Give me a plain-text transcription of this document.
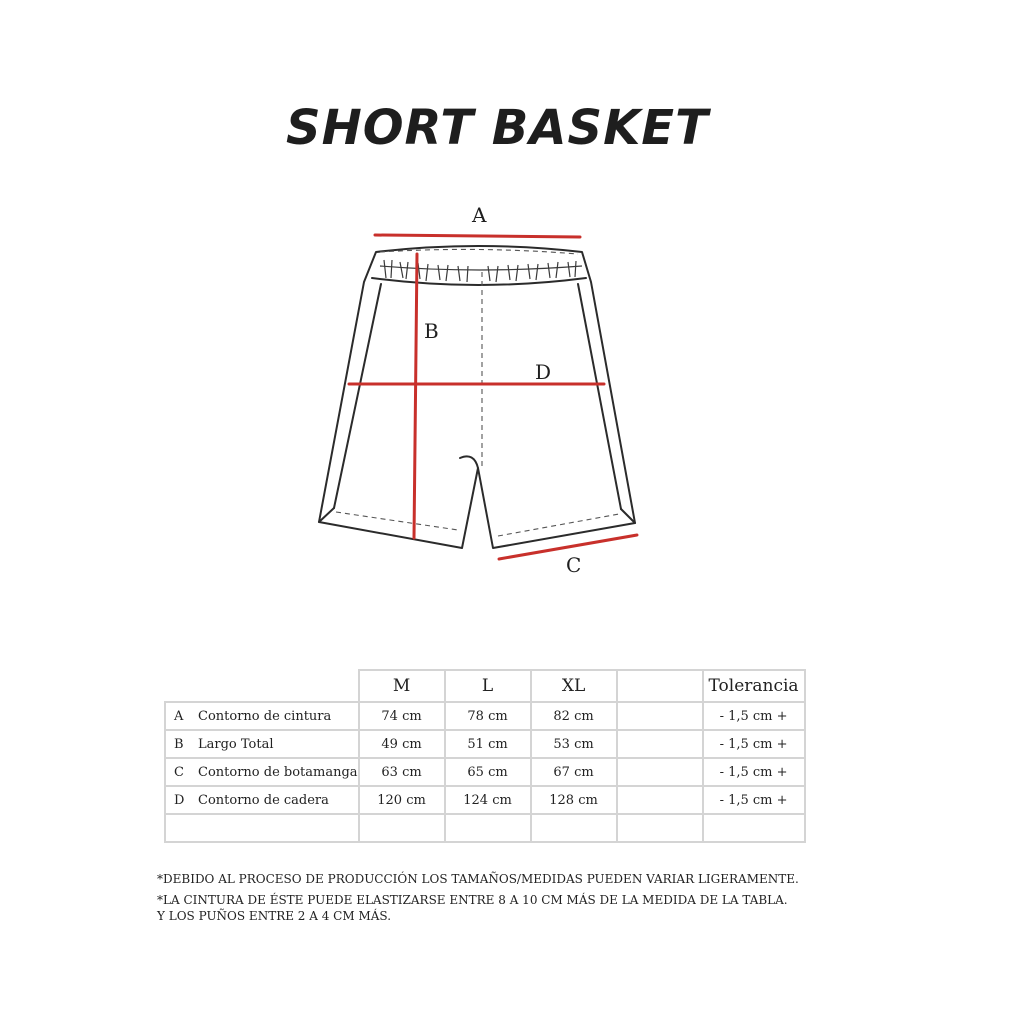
SHORT BASKET
A
B
D
C
	M	L	XL		Tolerancia
A Contorno de cintura	74 cm	78 cm	82 cm		- 1,5 cm +
B Largo Total	49 cm	51 cm	53 cm		- 1,5 cm +
C Contorno de botamanga	63 cm	65 cm	67 cm		- 1,5 cm +
D Contorno de cadera	120 cm	124 cm	128 cm		- 1,5 cm +

*DEBIDO AL PROCESO DE PRODUCCIÓN LOS TAMAÑOS/MEDIDAS PUEDEN VARIAR LIGERAMENTE.

*LA CINTURA DE ÉSTE PUEDE ELASTIZARSE ENTRE 8 A 10 CM MÁS DE LA MEDIDA DE LA TABLA.

Y LOS PUÑOS ENTRE 2 A 4 CM MÁS.
